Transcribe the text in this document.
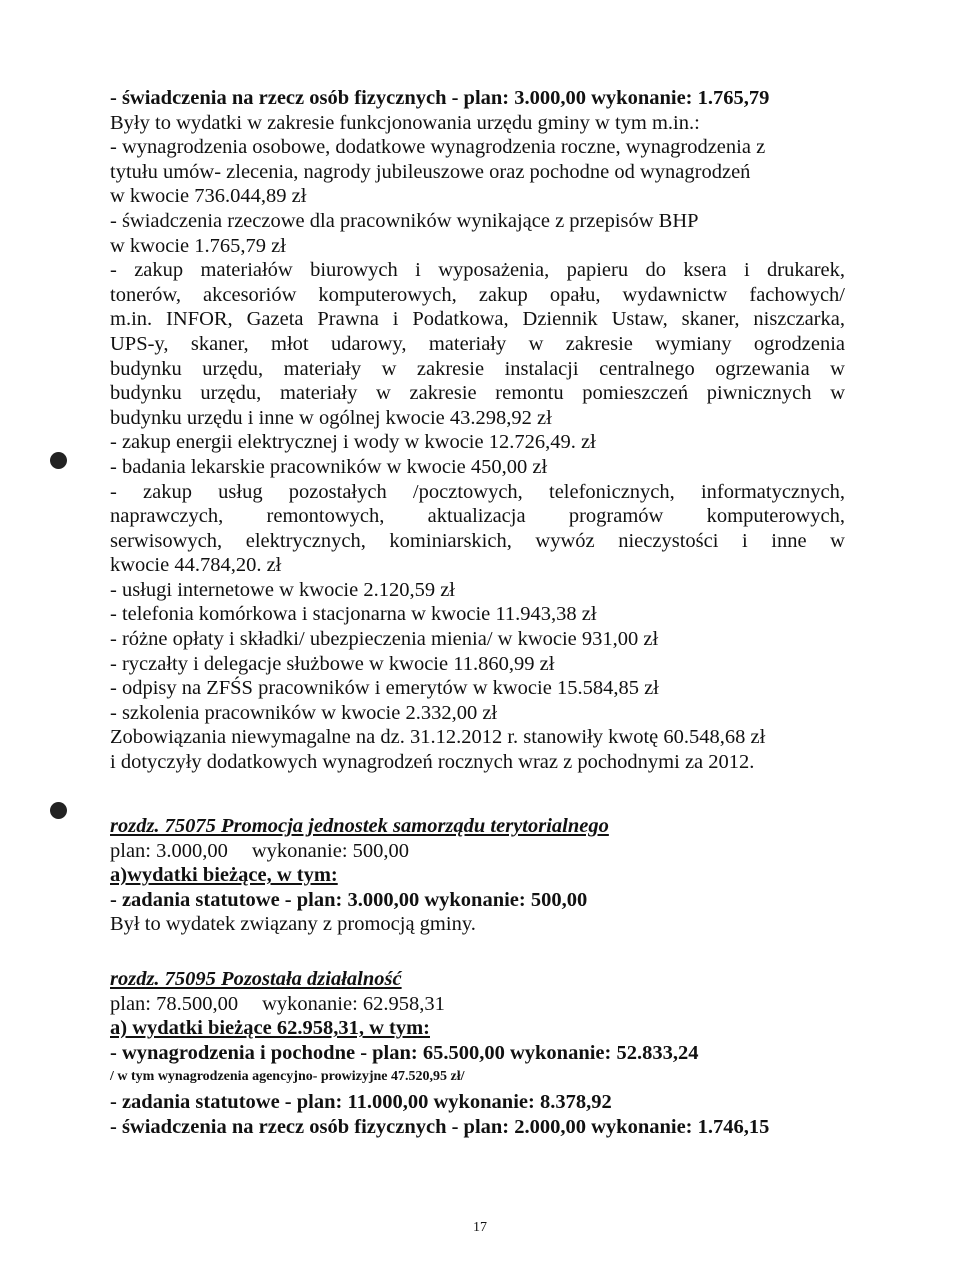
- świadczenia na rzecz osób fizycznych - plan: 3.000,00 wykonanie: 1.765,79
Były to wydatki w zakresie funkcjonowania urzędu gminy w tym m.in.:
- wynagrodzenia osobowe, dodatkowe wynagrodzenia roczne, wynagrodzenia z
tytułu umów- zlecenia, nagrody jubileuszowe oraz pochodne od wynagrodzeń
w kwocie 736.044,89 zł
- świadczenia rzeczowe dla pracowników wynikające z przepisów BHP
w kwocie 1.765,79 zł
- zakup materiałów biurowych i wyposażenia, papieru do ksera i drukarek,
tonerów, akcesoriów komputerowych, zakup opału, wydawnictw fachowych/
m.in. INFOR, Gazeta Prawna i Podatkowa, Dziennik Ustaw, skaner, niszczarka,
UPS-y, skaner, młot udarowy, materiały w zakresie wymiany ogrodzenia
budynku urzędu, materiały w zakresie instalacji centralnego ogrzewania w
budynku urzędu, materiały w zakresie remontu pomieszczeń piwnicznych w
budynku urzędu i inne w ogólnej kwocie 43.298,92 zł
- zakup energii elektrycznej i wody w kwocie 12.726,49. zł
- badania lekarskie pracowników w kwocie 450,00 zł
- zakup usług pozostałych /pocztowych, telefonicznych, informatycznych,
naprawczych, remontowych, aktualizacja programów komputerowych,
serwisowych, elektrycznych, kominiarskich, wywóz nieczystości i inne w
kwocie 44.784,20. zł
- usługi internetowe w kwocie 2.120,59 zł
- telefonia komórkowa i stacjonarna w kwocie 11.943,38 zł
- różne opłaty i składki/ ubezpieczenia mienia/ w kwocie 931,00 zł
- ryczałty i delegacje służbowe w kwocie 11.860,99 zł
- odpisy na ZFŚS pracowników i emerytów w kwocie 15.584,85 zł
- szkolenia pracowników w kwocie 2.332,00 zł
Zobowiązania niewymagalne na dz. 31.12.2012 r. stanowiły kwotę 60.548,68 zł
i dotyczyły dodatkowych wynagrodzeń rocznych wraz z pochodnymi za 2012.
rozdz. 75075 Promocja jednostek samorządu terytorialnego
plan: 3.000,00 wykonanie: 500,00
a)wydatki bieżące, w tym:
- zadania statutowe - plan: 3.000,00 wykonanie: 500,00
Był to wydatek związany z promocją gminy.
rozdz. 75095 Pozostała działalność
plan: 78.500,00 wykonanie: 62.958,31
a) wydatki bieżące 62.958,31, w tym:
- wynagrodzenia i pochodne - plan: 65.500,00 wykonanie: 52.833,24
/ w tym wynagrodzenia agencyjno- prowizyjne 47.520,95 zł/
- zadania statutowe - plan: 11.000,00 wykonanie: 8.378,92
- świadczenia na rzecz osób fizycznych - plan: 2.000,00 wykonanie: 1.746,15
17
